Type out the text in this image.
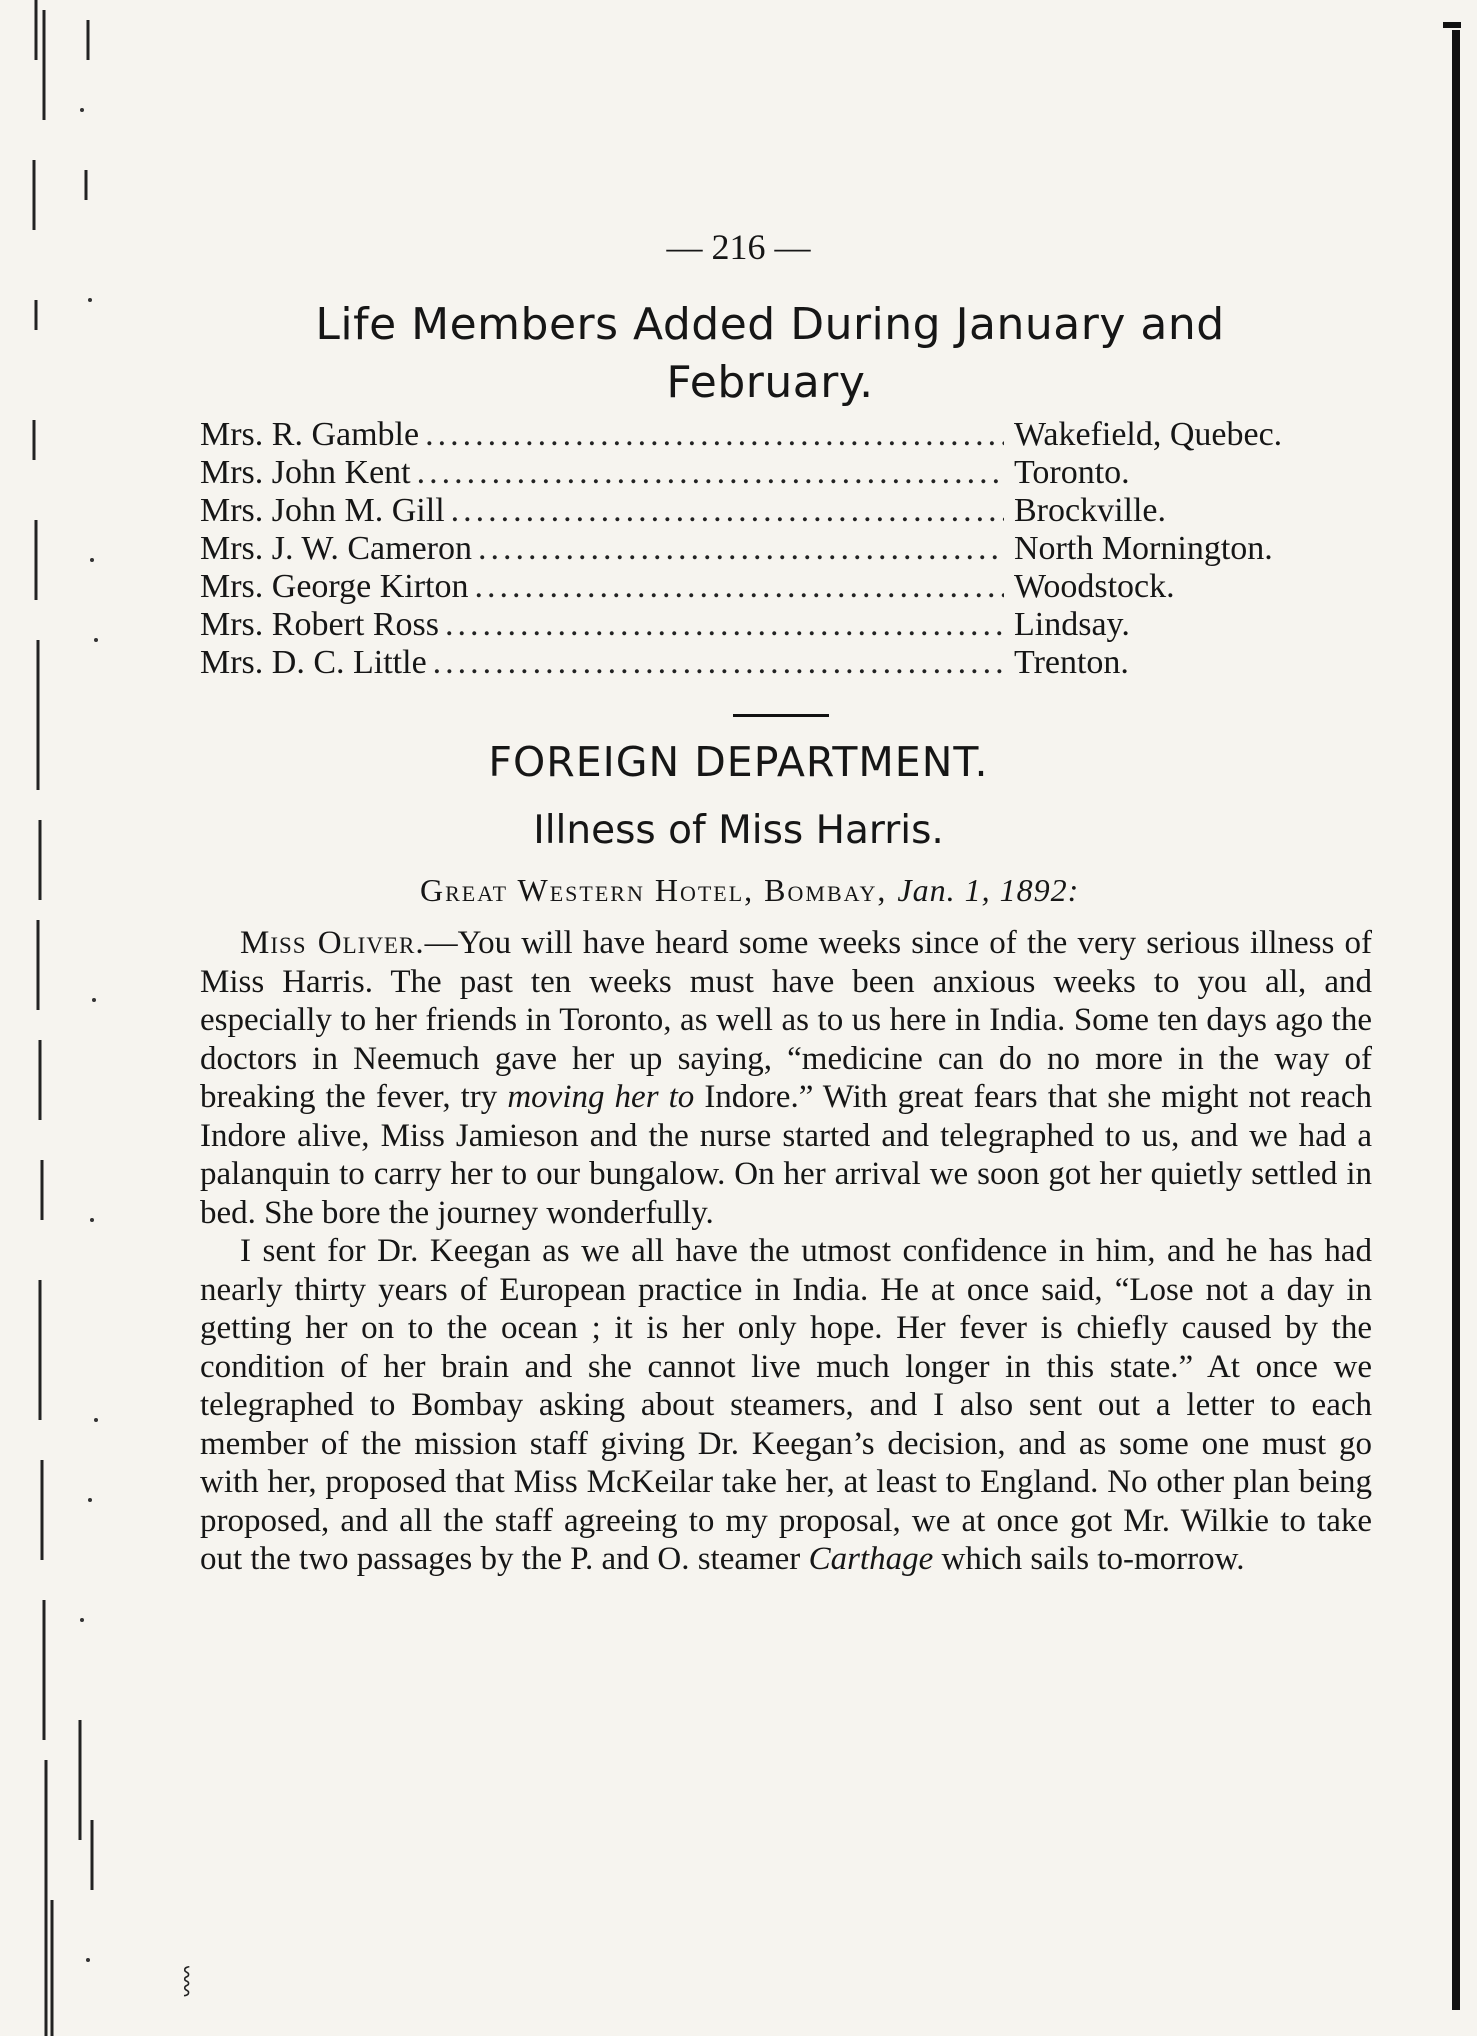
— 216 —
Life Members Added During January and
February.
Mrs. R. Gamble .....	Wakefield, Quebec.
Mrs. John Kent .....	Toronto.
Mrs. John M. Gill .....	Brockville.
Mrs. J. W. Cameron .....	North Mornington.
Mrs. George Kirton .....	Woodstock.
Mrs. Robert Ross .....	Lindsay.
Mrs. D. C. Little .....	Trenton.
FOREIGN DEPARTMENT.
Illness of Miss Harris.
Great Western Hotel, Bombay, Jan. 1, 1892:

Miss Oliver.—You will have heard some weeks since of the very serious illness of Miss Harris. The past ten weeks must have been anxious weeks to you all, and especially to her friends in Toronto, as well as to us here in India. Some ten days ago the doctors in Neemuch gave her up saying, “medicine can do no more in the way of breaking the fever, try moving her to Indore.” With great fears that she might not reach Indore alive, Miss Jamieson and the nurse started and telegraphed to us, and we had a palanquin to carry her to our bungalow. On her arrival we soon got her quietly settled in bed. She bore the journey wonderfully.

I sent for Dr. Keegan as we all have the utmost confidence in him, and he has had nearly thirty years of European practice in India. He at once said, “Lose not a day in getting her on to the ocean ; it is her only hope. Her fever is chiefly caused by the condition of her brain and she cannot live much longer in this state.” At once we telegraphed to Bombay asking about steamers, and I also sent out a letter to each member of the mission staff giving Dr. Keegan’s decision, and as some one must go with her, proposed that Miss McKeilar take her, at least to England. No other plan being proposed, and all the staff agreeing to my proposal, we at once got Mr. Wilkie to take out the two passages by the P. and O. steamer Carthage which sails to-morrow.

⸾
